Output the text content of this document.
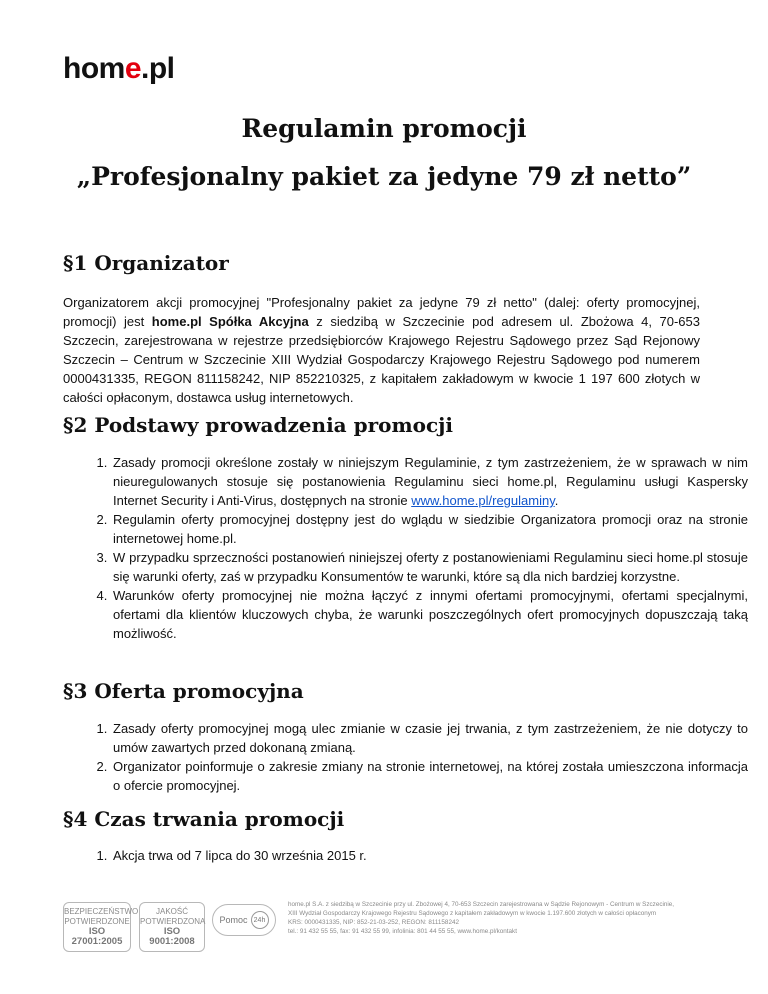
home.pl
Regulamin promocji
„Profesjonalny pakiet za jedyne 79 zł netto”
§1 Organizator

Organizatorem akcji promocyjnej "Profesjonalny pakiet za jedyne 79 zł netto" (dalej: oferty promocyjnej, promocji) jest home.pl Spółka Akcyjna z siedzibą w Szczecinie pod adresem ul. Zbożowa 4, 70-653 Szczecin, zarejestrowana w rejestrze przedsiębiorców Krajowego Rejestru Sądowego przez Sąd Rejonowy Szczecin – Centrum w Szczecinie XIII Wydział Gospodarczy Krajowego Rejestru Sądowego pod numerem 0000431335, REGON 811158242, NIP 852210325, z kapitałem zakładowym w kwocie 1 197 600 złotych w całości opłaconym, dostawca usług internetowych.

§2 Podstawy prowadzenia promocji
1. Zasady promocji określone zostały w niniejszym Regulaminie, z tym zastrzeżeniem, że w sprawach w nim nieuregulowanych stosuje się postanowienia Regulaminu sieci home.pl, Regulaminu usługi Kaspersky Internet Security i Anti-Virus, dostępnych na stronie www.home.pl/regulaminy.
2. Regulamin oferty promocyjnej dostępny jest do wglądu w siedzibie Organizatora promocji oraz na stronie internetowej home.pl.
3. W przypadku sprzeczności postanowień niniejszej oferty z postanowieniami Regulaminu sieci home.pl stosuje się warunki oferty, zaś w przypadku Konsumentów te warunki, które są dla nich bardziej korzystne.
4. Warunków oferty promocyjnej nie można łączyć z innymi ofertami promocyjnymi, ofertami specjalnymi, ofertami dla klientów kluczowych chyba, że warunki poszczególnych ofert promocyjnych dopuszczają taką możliwość.
§3 Oferta promocyjna
1. Zasady oferty promocyjnej mogą ulec zmianie w czasie jej trwania, z tym zastrzeżeniem, że nie dotyczy to umów zawartych przed dokonaną zmianą.
2. Organizator poinformuje o zakresie zmiany na stronie internetowej, na której została umieszczona informacja o ofercie promocyjnej.
§4 Czas trwania promocji
1. Akcja trwa od 7 lipca do 30 września 2015 r.
BEZPIECZEŃSTWO
POTWIERDZONE
ISO 27001:2005
JAKOŚĆ
POTWIERDZONA
ISO 9001:2008
Pomoc 24h
home.pl S.A. z siedzibą w Szczecinie przy ul. Zbożowej 4, 70-653 Szczecin zarejestrowana w Sądzie Rejonowym - Centrum w Szczecinie,
XIII Wydział Gospodarczy Krajowego Rejestru Sądowego z kapitałem zakładowym w kwocie 1.197.600 złotych w całości opłaconym
KRS: 0000431335, NIP: 852-21-03-252, REGON: 811158242
tel.: 91 432 55 55, fax: 91 432 55 99, infolinia: 801 44 55 55, www.home.pl/kontakt
